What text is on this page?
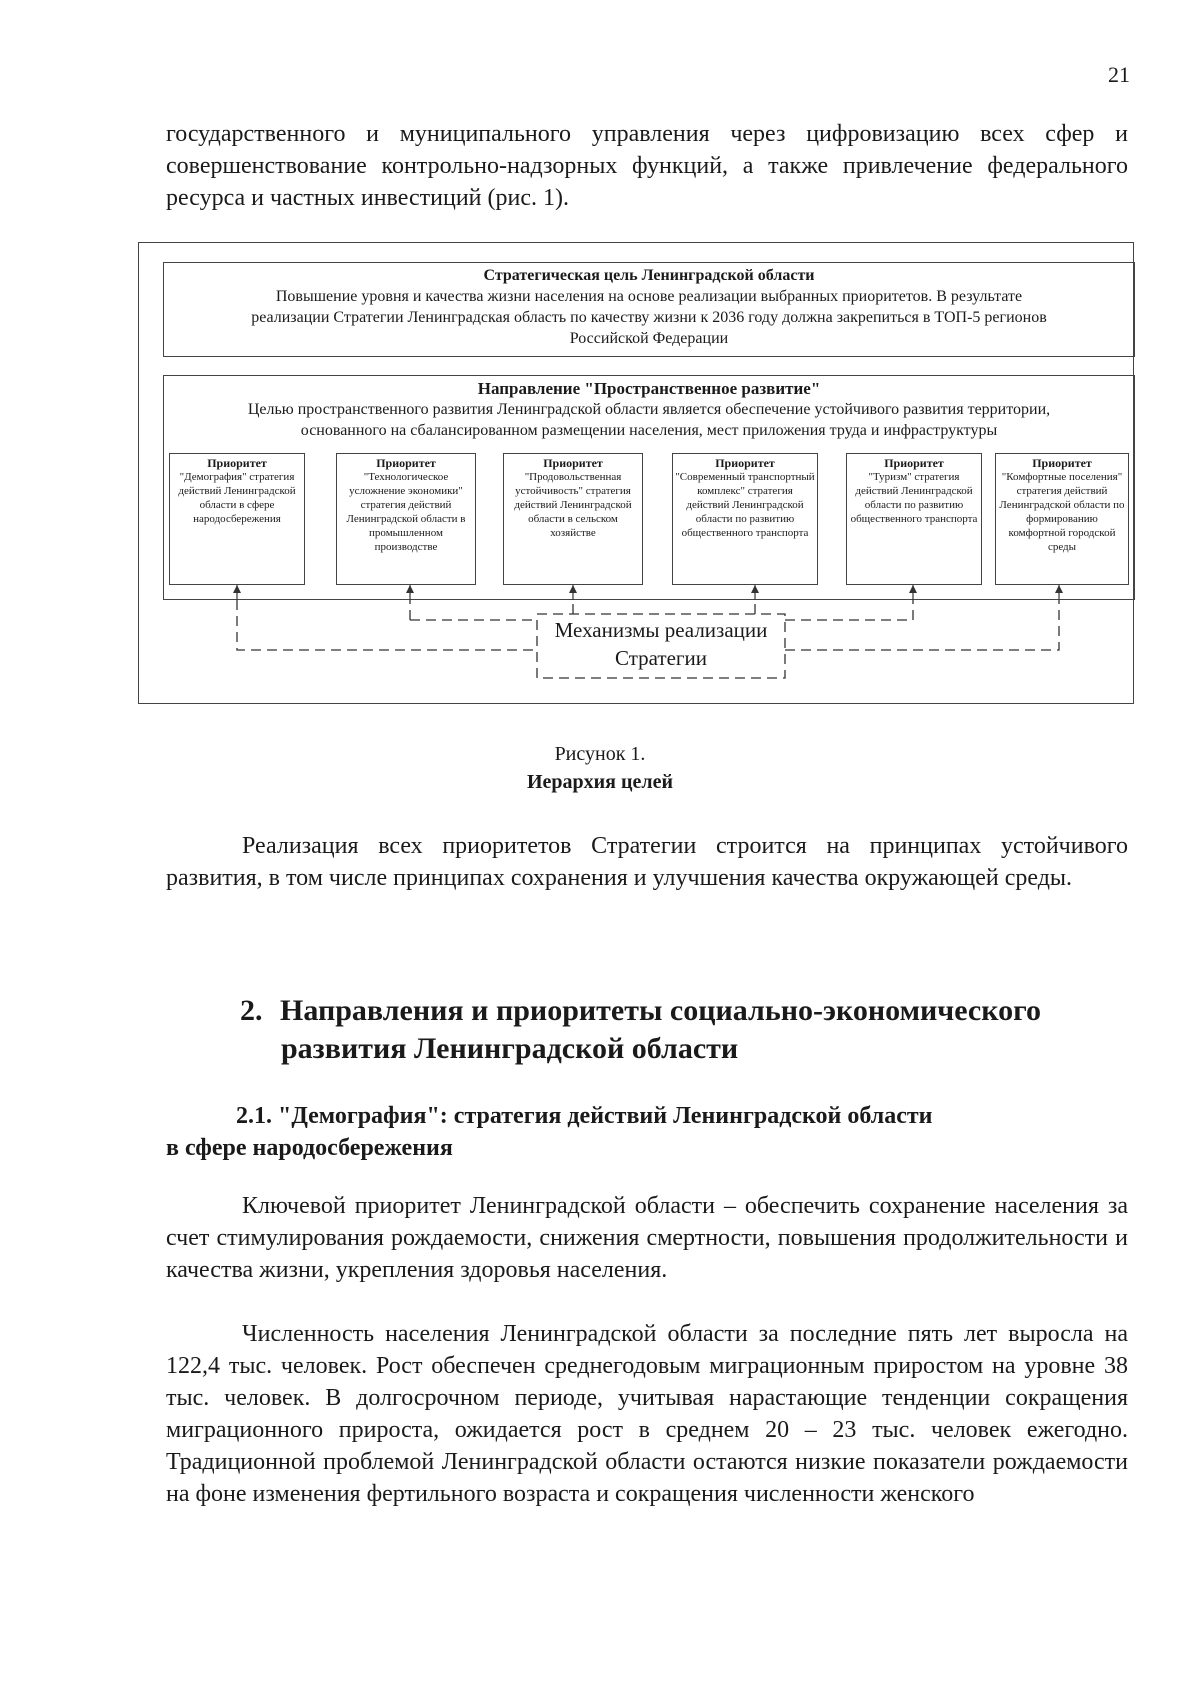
21

государственного и муниципального управления через цифровизацию всех сфер и совершенствование контрольно-надзорных функций, а также привлечение федерального ресурса и частных инвестиций (рис. 1).

Стратегическая цель Ленинградской области
Повышение уровня и качества жизни населения на основе реализации выбранных приоритетов. В результате
реализации Стратегии Ленинградская область по качеству жизни к 2036 году должна закрепиться в ТОП-5 регионов
Российской Федерации
Направление "Пространственное развитие"
Целью пространственного развития Ленинградской области является обеспечение устойчивого развития территории,
основанного на сбалансированном размещении населения, мест приложения труда и инфраструктуры
Приоритет
"Демография" стратегия действий Ленинградской области в сфере народосбережения
Приоритет
"Технологическое усложнение экономики" стратегия действий Ленинградской области в промышленном производстве
Приоритет
"Продовольственная устойчивость" стратегия действий Ленинградской области в сельском хозяйстве
Приоритет
"Современный транспортный комплекс" стратегия действий Ленинградской области по развитию общественного транспорта
Приоритет
"Туризм" стратегия действий Ленинградской области по развитию общественного транспорта
Приоритет
"Комфортные поселения" стратегия действий Ленинградской области по формированию комфортной городской среды
Механизмы реализации
Стратегии
Рисунок 1.
Иерархия целей

Реализация всех приоритетов Стратегии строится на принципах устойчивого развития, в том числе принципах сохранения и улучшения качества окружающей среды.

2. Направления и приоритеты социально-экономического
развития Ленинградской области
2.1. "Демография": стратегия действий Ленинградской области
в сфере народосбережения

Ключевой приоритет Ленинградской области – обеспечить сохранение населения за счет стимулирования рождаемости, снижения смертности, повышения продолжительности и качества жизни, укрепления здоровья населения.

Численность населения Ленинградской области за последние пять лет выросла на 122,4 тыс. человек. Рост обеспечен среднегодовым миграционным приростом на уровне 38 тыс. человек. В долгосрочном периоде, учитывая нарастающие тенденции сокращения миграционного прироста, ожидается рост в среднем 20 – 23 тыс. человек ежегодно. Традиционной проблемой Ленинградской области остаются низкие показатели рождаемости на фоне изменения фертильного возраста и сокращения численности женского
